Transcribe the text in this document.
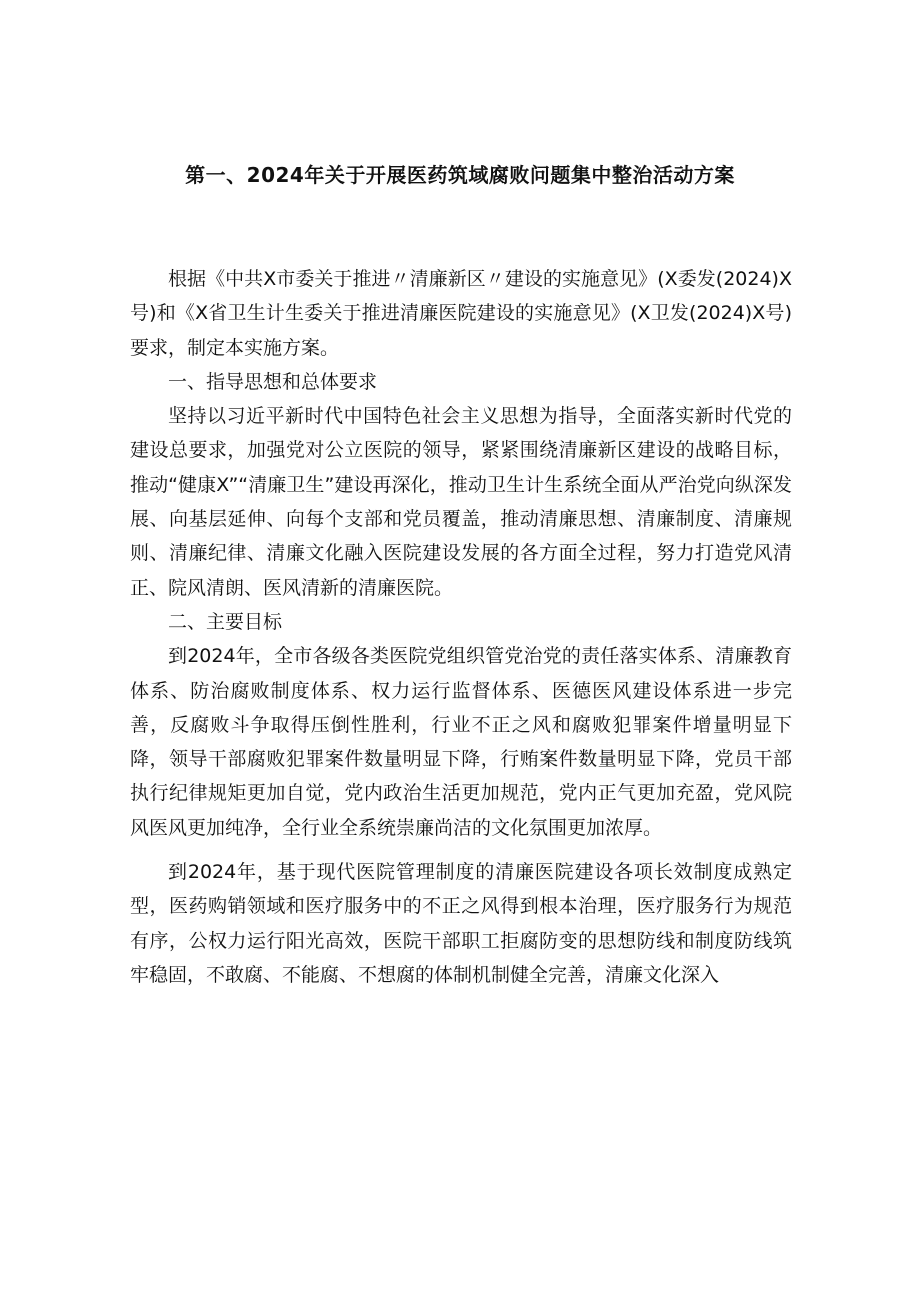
第一、2024年关于开展医药筑域腐败问题集中整治活动方案

根据《中共X市委关于推进〃清廉新区〃建设的实施意见》(X委发(2024)X号)和《X省卫生计生委关于推进清廉医院建设的实施意见》(X卫发(2024)X号)要求，制定本实施方案。

一、指导思想和总体要求

坚持以习近平新时代中国特色社会主义思想为指导，全面落实新时代党的建设总要求，加强党对公立医院的领导，紧紧围绕清廉新区建设的战略目标，推动“健康X”“清廉卫生”建设再深化，推动卫生计生系统全面从严治党向纵深发展、向基层延伸、向每个支部和党员覆盖，推动清廉思想、清廉制度、清廉规则、清廉纪律、清廉文化融入医院建设发展的各方面全过程，努力打造党风清正、院风清朗、医风清新的清廉医院。

二、主要目标

到2024年，全市各级各类医院党组织管党治党的责任落实体系、清廉教育体系、防治腐败制度体系、权力运行监督体系、医德医风建设体系进一步完善，反腐败斗争取得压倒性胜利，行业不正之风和腐败犯罪案件增量明显下降，领导干部腐败犯罪案件数量明显下降，行贿案件数量明显下降，党员干部执行纪律规矩更加自觉，党内政治生活更加规范，党内正气更加充盈，党风院风医风更加纯净，全行业全系统崇廉尚洁的文化氛围更加浓厚。

到2024年，基于现代医院管理制度的清廉医院建设各项长效制度成熟定型，医药购销领域和医疗服务中的不正之风得到根本治理，医疗服务行为规范有序，公权力运行阳光高效，医院干部职工拒腐防变的思想防线和制度防线筑牢稳固，不敢腐、不能腐、不想腐的体制机制健全完善，清廉文化深入
